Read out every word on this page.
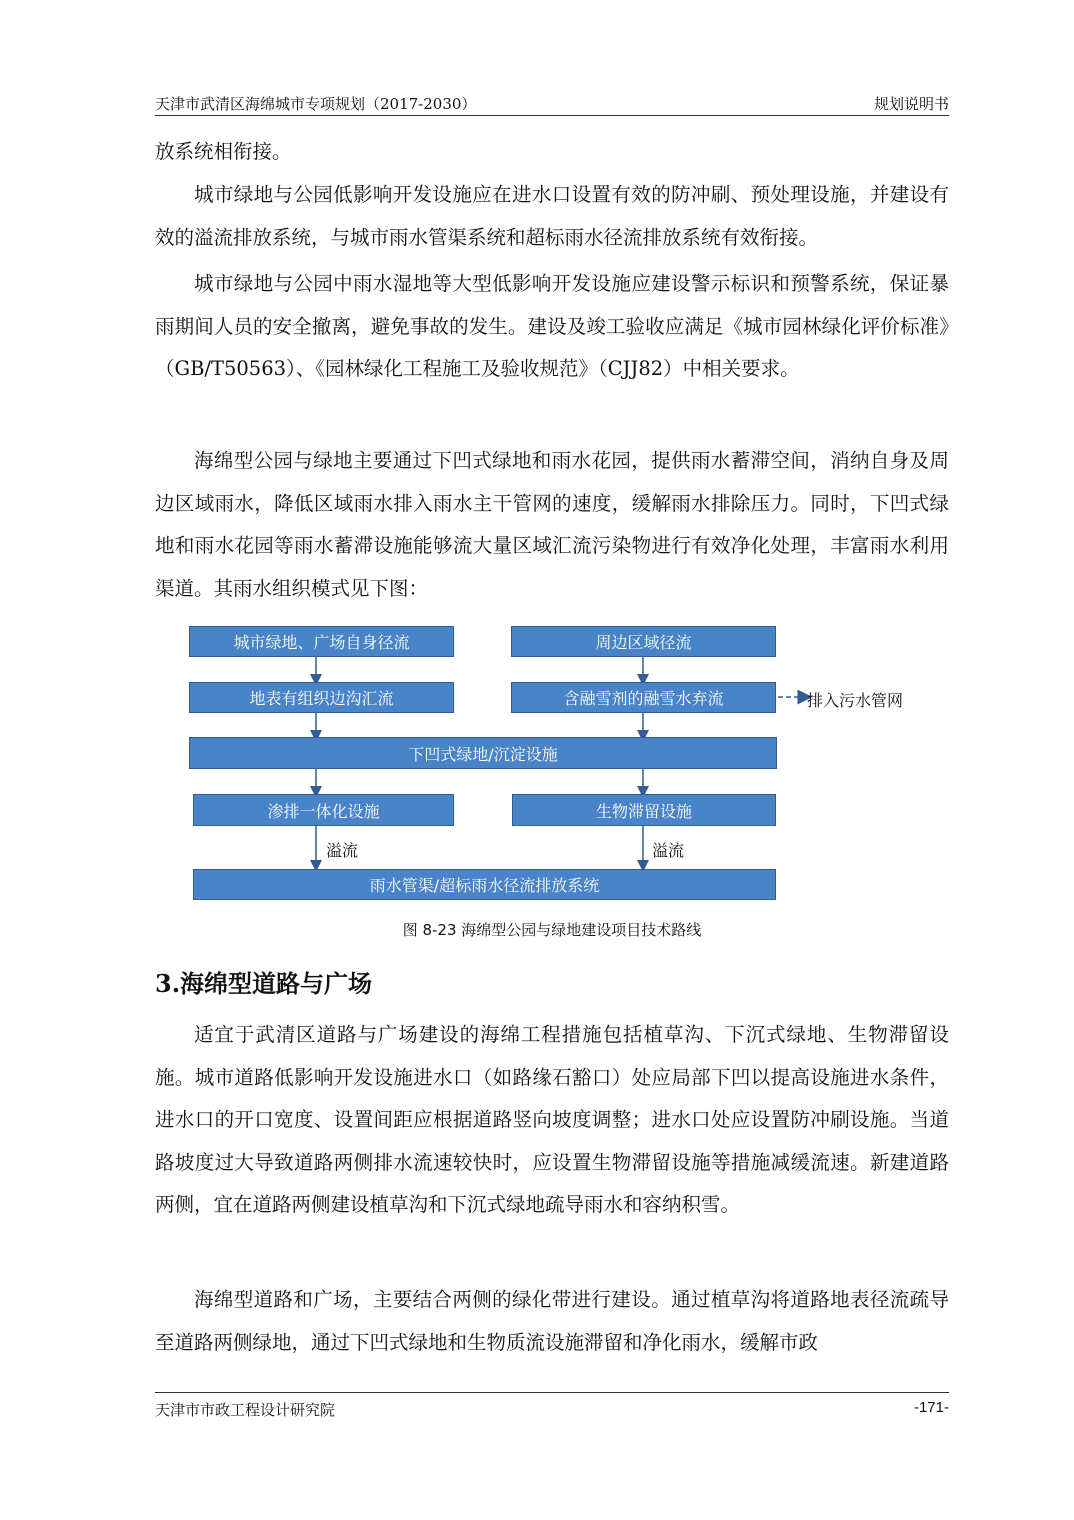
天津市武清区海绵城市专项规划（2017-2030）	规划说明书

放系统相衔接。

城市绿地与公园低影响开发设施应在进水口设置有效的防冲刷、预处理设施，并建设有效的溢流排放系统，与城市雨水管渠系统和超标雨水径流排放系统有效衔接。

城市绿地与公园中雨水湿地等大型低影响开发设施应建设警示标识和预警系统，保证暴雨期间人员的安全撤离，避免事故的发生。建设及竣工验收应满足《城市园林绿化评价标准》（GB/T50563）、《园林绿化工程施工及验收规范》（CJJ82）中相关要求。

海绵型公园与绿地主要通过下凹式绿地和雨水花园，提供雨水蓄滞空间，消纳自身及周边区域雨水，降低区域雨水排入雨水主干管网的速度，缓解雨水排除压力。同时，下凹式绿地和雨水花园等雨水蓄滞设施能够流大量区域汇流污染物进行有效净化处理，丰富雨水利用渠道。其雨水组织模式见下图：

城市绿地、广场自身径流	周边区域径流
地表有组织边沟汇流	含融雪剂的融雪水弃流	排入污水管网
下凹式绿地/沉淀设施
渗排一体化设施	生物滞留设施
溢流	溢流
雨水管渠/超标雨水径流排放系统
图 8-23 海绵型公园与绿地建设项目技术路线
3.海绵型道路与广场

适宜于武清区道路与广场建设的海绵工程措施包括植草沟、下沉式绿地、生物滞留设施。城市道路低影响开发设施进水口（如路缘石豁口）处应局部下凹以提高设施进水条件，进水口的开口宽度、设置间距应根据道路竖向坡度调整；进水口处应设置防冲刷设施。当道路坡度过大导致道路两侧排水流速较快时，应设置生物滞留设施等措施减缓流速。新建道路两侧，宜在道路两侧建设植草沟和下沉式绿地疏导雨水和容纳积雪。

海绵型道路和广场，主要结合两侧的绿化带进行建设。通过植草沟将道路地表径流疏导至道路两侧绿地，通过下凹式绿地和生物质流设施滞留和净化雨水，缓解市政

天津市市政工程设计研究院	-171-
